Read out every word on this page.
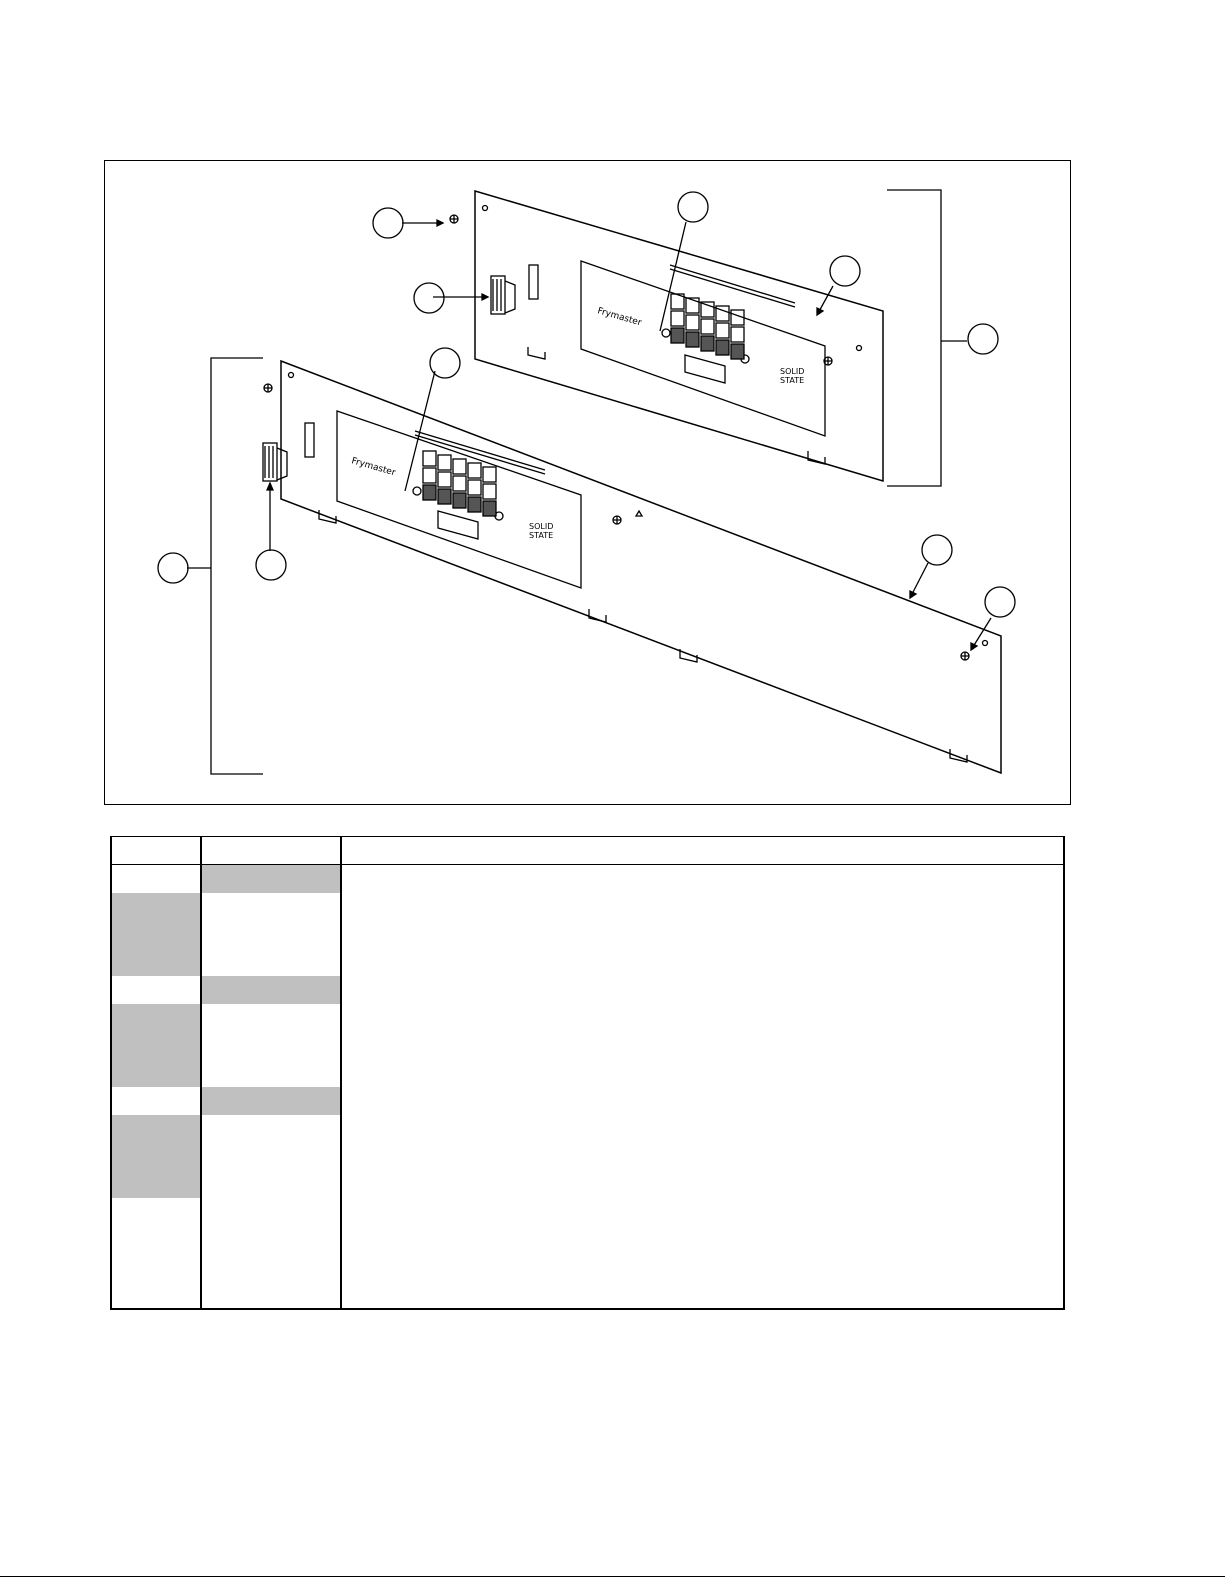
Frymaster
SOLID
STATE
Frymaster
SOLID
STATE
